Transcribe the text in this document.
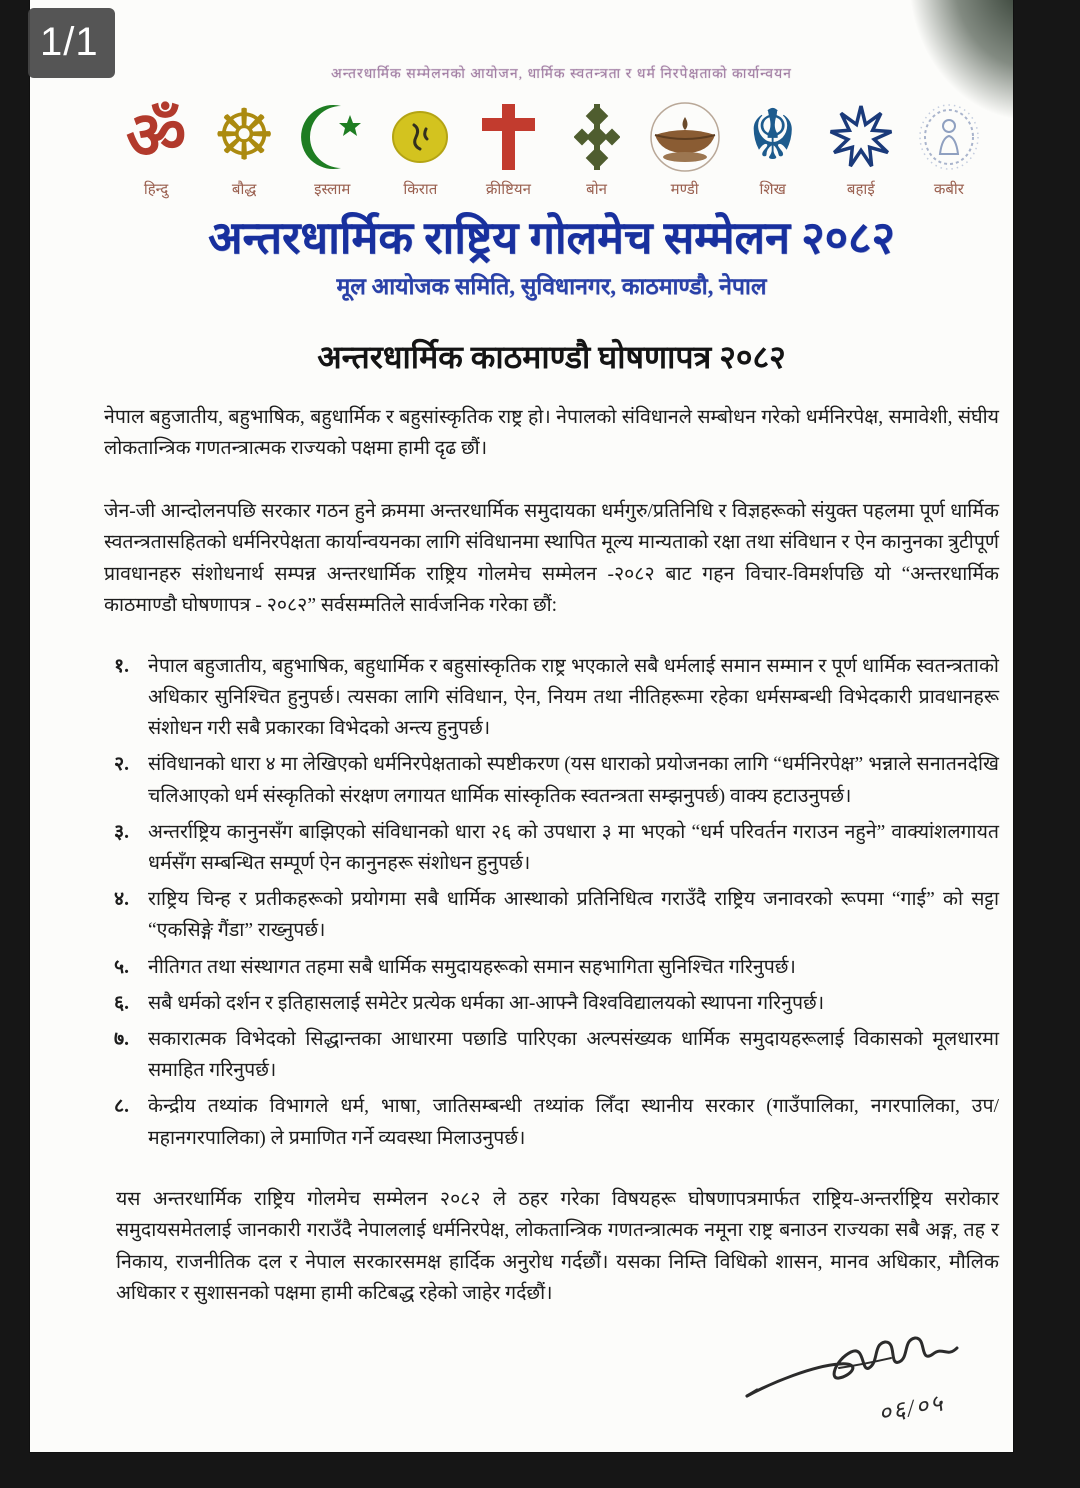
1/1
अन्तरधार्मिक सम्मेलनको आयोजन, धार्मिक स्वतन्त्रता र धर्म निरपेक्षताको कार्यान्वयन
ॐ
हिन्दु
☸
बौद्ध	इस्लाम	किरात	क्रीष्टियन	बोन	मण्डी
☬
शिख	बहाई	कबीर
अन्तरधार्मिक राष्ट्रिय गोलमेच सम्मेलन २०८२
मूल आयोजक समिति, सुविधानगर, काठमाण्डौ, नेपाल
अन्तरधार्मिक काठमाण्डौ घोषणापत्र २०८२

नेपाल बहुजातीय, बहुभाषिक, बहुधार्मिक र बहुसांस्कृतिक राष्ट्र हो। नेपालको संविधानले सम्बोधन गरेको धर्मनिरपेक्ष, समावेशी, संघीय लोकतान्त्रिक गणतन्त्रात्मक राज्यको पक्षमा हामी दृढ छौं।

जेन-जी आन्दोलनपछि सरकार गठन हुने क्रममा अन्तरधार्मिक समुदायका धर्मगुरु/प्रतिनिधि र विज्ञहरूको संयुक्त पहलमा पूर्ण धार्मिक स्वतन्त्रतासहितको धर्मनिरपेक्षता कार्यान्वयनका लागि संविधानमा स्थापित मूल्य मान्यताको रक्षा तथा संविधान र ऐन कानुनका त्रुटीपूर्ण प्रावधानहरु संशोधनार्थ सम्पन्न अन्तरधार्मिक राष्ट्रिय गोलमेच सम्मेलन -२०८२ बाट गहन विचार-विमर्शपछि यो “अन्तरधार्मिक काठमाण्डौ घोषणापत्र - २०८२” सर्वसम्मतिले सार्वजनिक गरेका छौं:

१. नेपाल बहुजातीय, बहुभाषिक, बहुधार्मिक र बहुसांस्कृतिक राष्ट्र भएकाले सबै धर्मलाई समान सम्मान र पूर्ण धार्मिक स्वतन्त्रताको अधिकार सुनिश्चित हुनुपर्छ। त्यसका लागि संविधान, ऐन, नियम तथा नीतिहरूमा रहेका धर्मसम्बन्धी विभेदकारी प्रावधानहरू संशोधन गरी सबै प्रकारका विभेदको अन्त्य हुनुपर्छ।
२. संविधानको धारा ४ मा लेखिएको धर्मनिरपेक्षताको स्पष्टीकरण (यस धाराको प्रयोजनका लागि “धर्मनिरपेक्ष” भन्नाले सनातनदेखि चलिआएको धर्म संस्कृतिको संरक्षण लगायत धार्मिक सांस्कृतिक स्वतन्त्रता सम्झनुपर्छ) वाक्य हटाउनुपर्छ।
३. अन्तर्राष्ट्रिय कानुनसँग बाझिएको संविधानको धारा २६ को उपधारा ३ मा भएको “धर्म परिवर्तन गराउन नहुने” वाक्यांशलगायत धर्मसँग सम्बन्धित सम्पूर्ण ऐन कानुनहरू संशोधन हुनुपर्छ।
४. राष्ट्रिय चिन्ह र प्रतीकहरूको प्रयोगमा सबै धार्मिक आस्थाको प्रतिनिधित्व गराउँदै राष्ट्रिय जनावरको रूपमा “गाई” को सट्टा “एकसिङ्गे गैंडा” राख्नुपर्छ।
५. नीतिगत तथा संस्थागत तहमा सबै धार्मिक समुदायहरूको समान सहभागिता सुनिश्चित गरिनुपर्छ।
६. सबै धर्मको दर्शन र इतिहासलाई समेटेर प्रत्येक धर्मका आ-आफ्नै विश्वविद्यालयको स्थापना गरिनुपर्छ।
७. सकारात्मक विभेदको सिद्धान्तका आधारमा पछाडि पारिएका अल्पसंख्यक धार्मिक समुदायहरूलाई विकासको मूलधारमा समाहित गरिनुपर्छ।
८. केन्द्रीय तथ्यांक विभागले धर्म, भाषा, जातिसम्बन्धी तथ्यांक लिँदा स्थानीय सरकार (गाउँपालिका, नगरपालिका, उप/महानगरपालिका) ले प्रमाणित गर्ने व्यवस्था मिलाउनुपर्छ।

यस अन्तरधार्मिक राष्ट्रिय गोलमेच सम्मेलन २०८२ ले ठहर गरेका विषयहरू घोषणापत्रमार्फत राष्ट्रिय-अन्तर्राष्ट्रिय सरोकार समुदायसमेतलाई जानकारी गराउँदै नेपाललाई धर्मनिरपेक्ष, लोकतान्त्रिक गणतन्त्रात्मक नमूना राष्ट्र बनाउन राज्यका सबै अङ्ग, तह र निकाय, राजनीतिक दल र नेपाल सरकारसमक्ष हार्दिक अनुरोध गर्दछौं। यसका निम्ति विधिको शासन, मानव अधिकार, मौलिक अधिकार र सुशासनको पक्षमा हामी कटिबद्ध रहेको जाहेर गर्दछौं।

०६/०५
